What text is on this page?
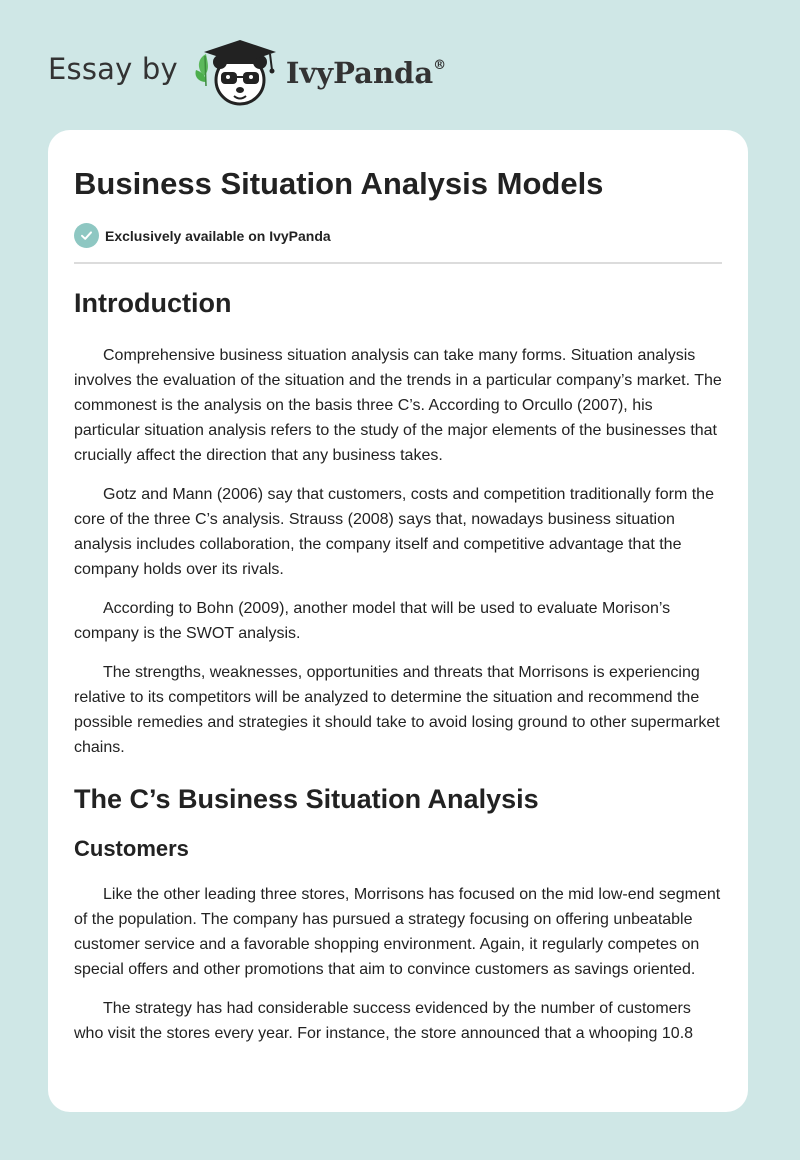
Essay by	IvyPanda®
Business Situation Analysis Models
Exclusively available on IvyPanda
Introduction

Comprehensive business situation analysis can take many forms. Situation analysis involves the evaluation of the situation and the trends in a particular company’s market. The commonest is the analysis on the basis three C’s. According to Orcullo (2007), his particular situation analysis refers to the study of the major elements of the businesses that crucially affect the direction that any business takes.

Gotz and Mann (2006) say that customers, costs and competition traditionally form the core of the three C’s analysis. Strauss (2008) says that, nowadays business situation analysis includes collaboration, the company itself and competitive advantage that the company holds over its rivals.

According to Bohn (2009), another model that will be used to evaluate Morison’s company is the SWOT analysis.

The strengths, weaknesses, opportunities and threats that Morrisons is experiencing relative to its competitors will be analyzed to determine the situation and recommend the possible remedies and strategies it should take to avoid losing ground to other supermarket chains.

The C’s Business Situation Analysis
Customers

Like the other leading three stores, Morrisons has focused on the mid low-end segment of the population. The company has pursued a strategy focusing on offering unbeatable customer service and a favorable shopping environment. Again, it regularly competes on special offers and other promotions that aim to convince customers as savings oriented.

The strategy has had considerable success evidenced by the number of customers who visit the stores every year. For instance, the store announced that a whooping 10.8
